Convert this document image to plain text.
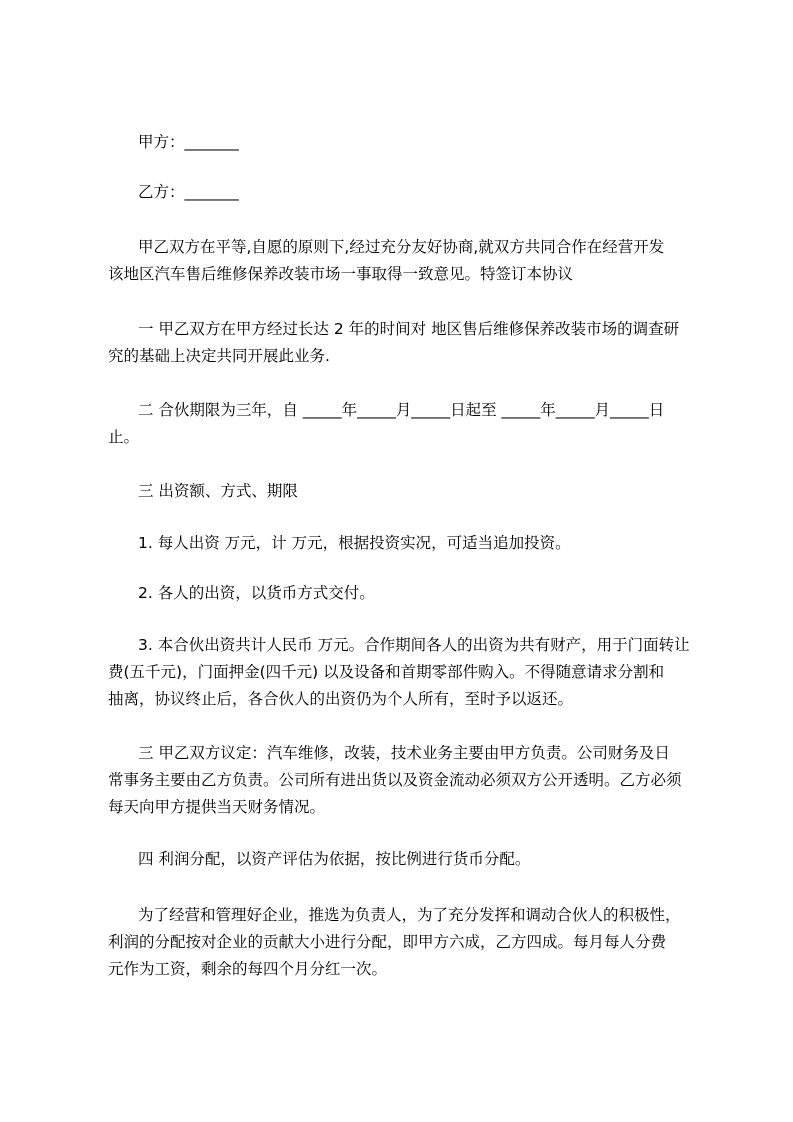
甲方：_______

乙方：_______

甲乙双方在平等,自愿的原则下,经过充分友好协商,就双方共同合作在经营开发
该地区汽车售后维修保养改装市场一事取得一致意见。特签订本协议

一 甲乙双方在甲方经过长达 2 年的时间对 地区售后维修保养改装市场的调查研
究的基础上决定共同开展此业务.

二 合伙期限为三年，自 _____年_____月_____日起至 _____年_____月_____日
止。

三 出资额、方式、期限

1. 每人出资 万元，计 万元，根据投资实况，可适当追加投资。

2. 各人的出资，以货币方式交付。

3. 本合伙出资共计人民币 万元。合作期间各人的出资为共有财产，用于门面转让
费(五千元)，门面押金(四千元) 以及设备和首期零部件购入。不得随意请求分割和
抽离，协议终止后，各合伙人的出资仍为个人所有，至时予以返还。

三 甲乙双方议定：汽车维修，改装，技术业务主要由甲方负责。公司财务及日
常事务主要由乙方负责。公司所有进出货以及资金流动必须双方公开透明。乙方必须
每天向甲方提供当天财务情况。

四 利润分配，以资产评估为依据，按比例进行货币分配。

为了经营和管理好企业，推选为负责人，为了充分发挥和调动合伙人的积极性，
利润的分配按对企业的贡献大小进行分配，即甲方六成，乙方四成。每月每人分费
元作为工资，剩余的每四个月分红一次。
